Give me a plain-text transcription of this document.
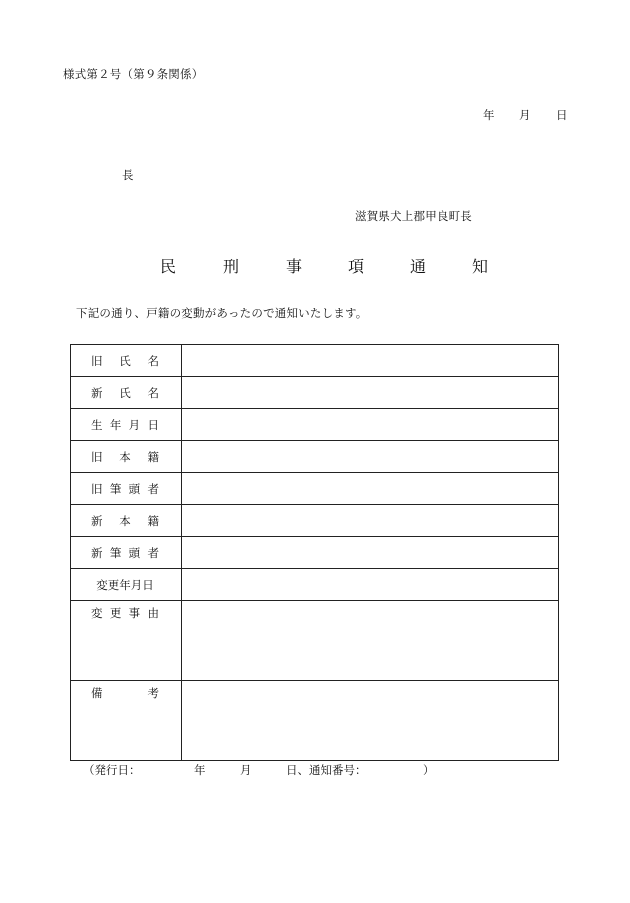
様式第２号（第９条関係）
年 月 日
長
滋賀県犬上郡甲良町長
民	刑	事	項	通	知
下記の通り、戸籍の変動があったので通知いたします。
旧 氏 名	

新 氏 名	

生 年 月 日	

旧 本 籍	

旧 筆 頭 者	

新 本 籍	

新 筆 頭 者	

変更年月日	

変 更 事 由	

備 考	

（発行日：	年	月	日、通知番号：	）
